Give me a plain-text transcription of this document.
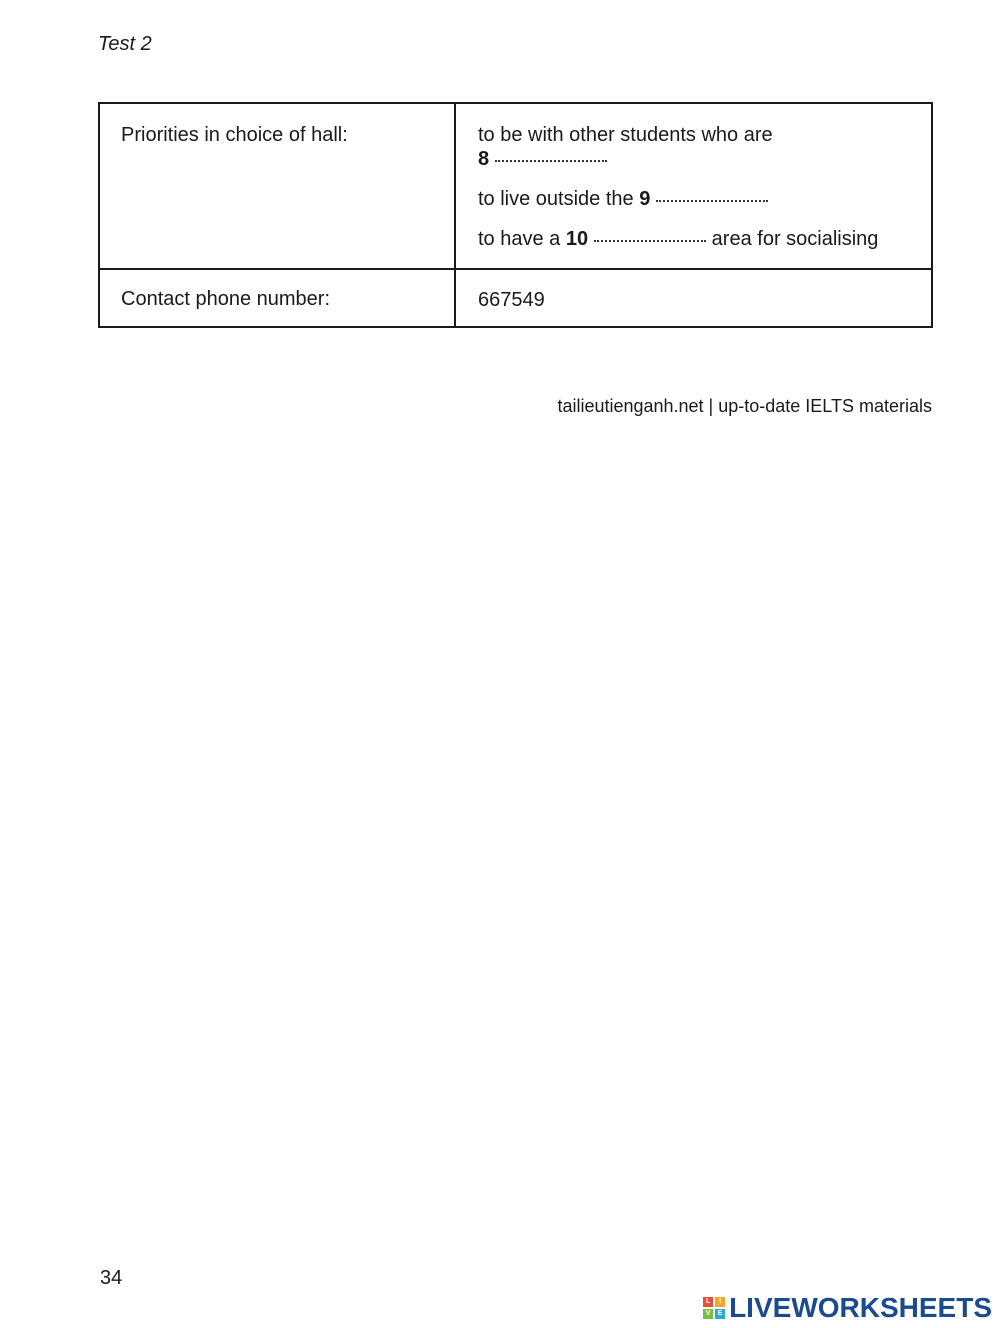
Test 2
Priorities in choice of hall:	to be with other students who are
8
to live outside the 9
to have a 10 area for socialising

Contact phone number:	667549
tailieutienganh.net | up-to-date IELTS materials
34
L	I
V	E LIVEWORKSHEETS
